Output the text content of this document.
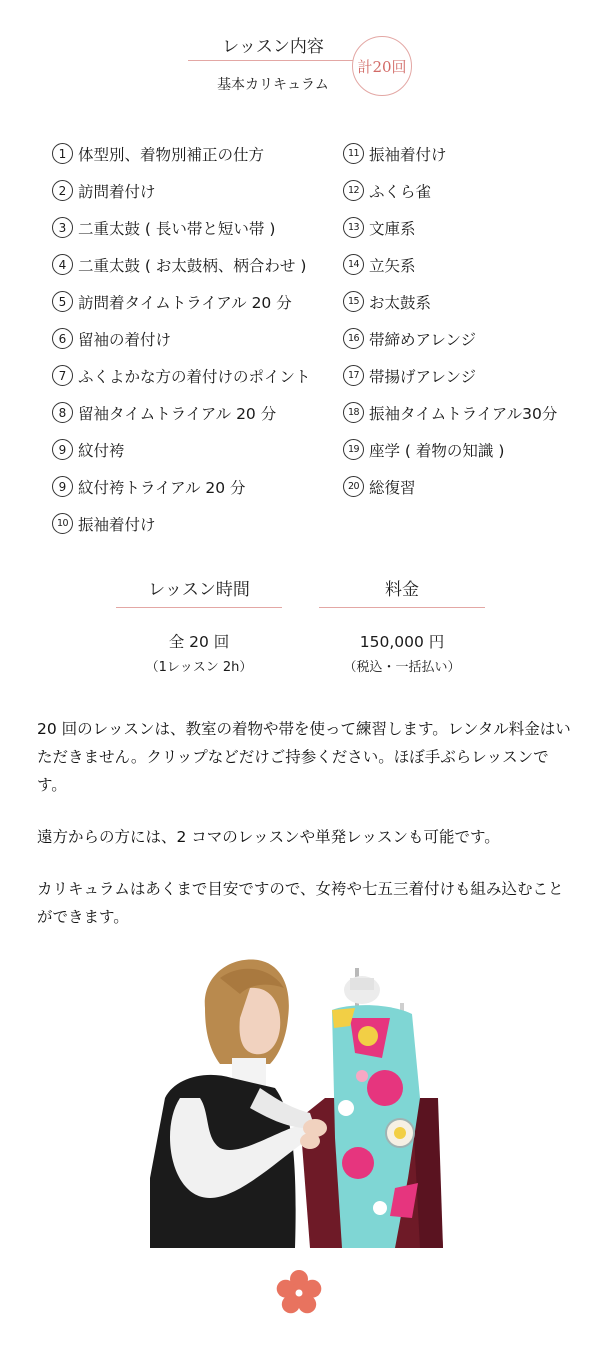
レッスン内容
基本カリキュラム
計20回
1 体型別、着物別補正の仕方
2 訪問着付け
3 二重太鼓 ( 長い帯と短い帯 )
4 二重太鼓 ( お太鼓柄、柄合わせ )
5 訪問着タイムトライアル 20 分
6 留袖の着付け
7 ふくよかな方の着付けのポイント
8 留袖タイムトライアル 20 分
9 紋付袴
9 紋付袴トライアル 20 分
10 振袖着付け
11 振袖着付け
12 ふくら雀
13 文庫系
14 立矢系
15 お太鼓系
16 帯締めアレンジ
17 帯揚げアレンジ
18 振袖タイムトライアル30分
19 座学 ( 着物の知識 )
20 総復習
レッスン時間
全 20 回
（1レッスン 2h）
料金
150,000 円
（税込・一括払い）

20 回のレッスンは、教室の着物や帯を使って練習します。レンタル料金はいただきません。クリップなどだけご持参ください。ほぼ手ぶらレッスンです。

遠方からの方には、2 コマのレッスンや単発レッスンも可能です。

カリキュラムはあくまで目安ですので、女袴や七五三着付けも組み込むことができます。
